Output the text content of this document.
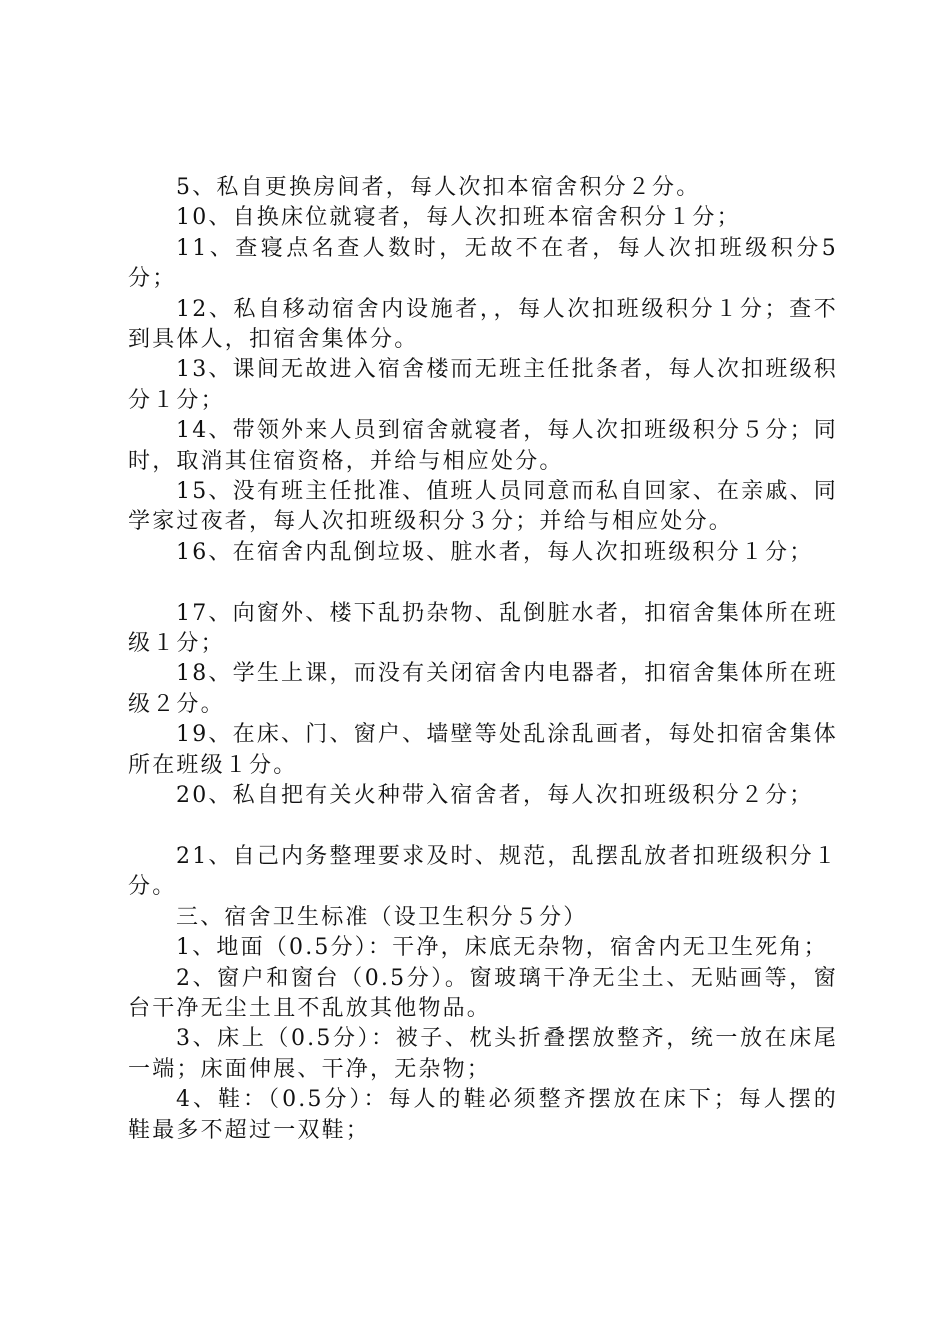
5、私自更换房间者，每人次扣本宿舍积分２分。

10、自换床位就寝者，每人次扣班本宿舍积分１分；

11、查寝点名查人数时，无故不在者，每人次扣班级积分5分；

12、私自移动宿舍内设施者，，每人次扣班级积分１分；查不到具体人，扣宿舍集体分。

13、课间无故进入宿舍楼而无班主任批条者，每人次扣班级积分１分；

14、带领外来人员到宿舍就寝者，每人次扣班级积分５分；同时，取消其住宿资格，并给与相应处分。

15、没有班主任批准、值班人员同意而私自回家、在亲戚、同学家过夜者，每人次扣班级积分３分；并给与相应处分。

16、在宿舍内乱倒垃圾、脏水者，每人次扣班级积分１分；

17、向窗外、楼下乱扔杂物、乱倒脏水者，扣宿舍集体所在班级１分；

18、学生上课，而没有关闭宿舍内电器者，扣宿舍集体所在班级２分。

19、在床、门、窗户、墙壁等处乱涂乱画者，每处扣宿舍集体所在班级１分。

20、私自把有关火种带入宿舍者，每人次扣班级积分２分；

21、自己内务整理要求及时、规范，乱摆乱放者扣班级积分１分。

三、宿舍卫生标准（设卫生积分５分）

1、地面（0.5分）：干净，床底无杂物，宿舍内无卫生死角；

2、窗户和窗台（0.5分）。窗玻璃干净无尘土、无贴画等，窗台干净无尘土且不乱放其他物品。

3、床上（0.5分）：被子、枕头折叠摆放整齐，统一放在床尾一端；床面伸展、干净，无杂物；

4、鞋：（0.5分）：每人的鞋必须整齐摆放在床下；每人摆的鞋最多不超过一双鞋；
